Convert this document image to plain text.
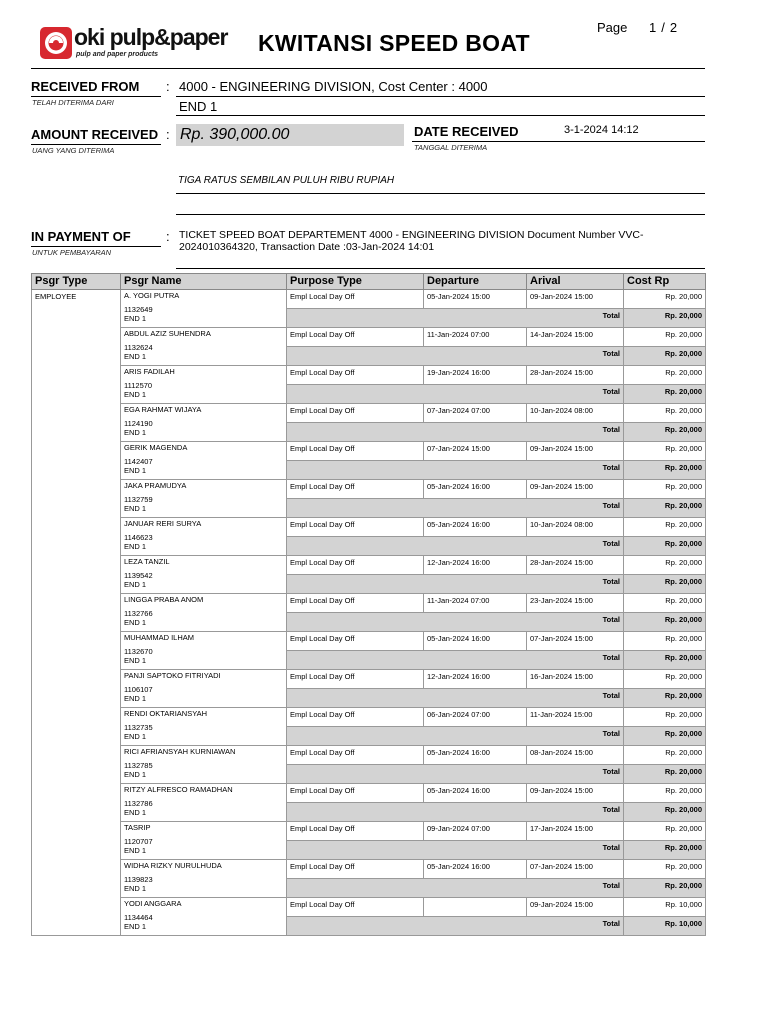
oki pulp&paper
pulp and paper products	KWITANSI SPEED BOAT
Page 1 / 2
RECEIVED FROM
TELAH DITERIMA DARI
: 4000 - ENGINEERING DIVISION, Cost Center : 4000
END 1
AMOUNT RECEIVED
UANG YANG DITERIMA
: Rp. 390,000.00	DATE RECEIVED
TANGGAL DITERIMA
3-1-2024 14:12
TIGA RATUS SEMBILAN PULUH RIBU RUPIAH
IN PAYMENT OF
UNTUK PEMBAYARAN
: TICKET SPEED BOAT DEPARTEMENT 4000 - ENGINEERING DIVISION Document Number VVC-2024010364320, Transaction Date :03-Jan-2024 14:01
Psgr Type	Psgr Name	Purpose Type	Departure	Arival	Cost Rp
EMPLOYEE	A. YOGI PUTRA
1132649
END 1	Empl Local Day Off	05-Jan-2024 15:00	09-Jan-2024 15:00	Rp. 20,000
		Total			Rp. 20,000

	ABDUL AZIZ SUHENDRA
1132624
END 1	Empl Local Day Off	11-Jan-2024 07:00	14-Jan-2024 15:00	Rp. 20,000
		Total			Rp. 20,000

	ARIS FADILAH
1112570
END 1	Empl Local Day Off	19-Jan-2024 16:00	28-Jan-2024 15:00	Rp. 20,000
		Total			Rp. 20,000

	EGA RAHMAT WIJAYA
1124190
END 1	Empl Local Day Off	07-Jan-2024 07:00	10-Jan-2024 08:00	Rp. 20,000
		Total			Rp. 20,000

	GERIK MAGENDA
1142407
END 1	Empl Local Day Off	07-Jan-2024 15:00	09-Jan-2024 15:00	Rp. 20,000
		Total			Rp. 20,000

	JAKA PRAMUDYA
1132759
END 1	Empl Local Day Off	05-Jan-2024 16:00	09-Jan-2024 15:00	Rp. 20,000
		Total			Rp. 20,000

	JANUAR RERI SURYA
1146623
END 1	Empl Local Day Off	05-Jan-2024 16:00	10-Jan-2024 08:00	Rp. 20,000
		Total			Rp. 20,000

	LEZA TANZIL
1139542
END 1	Empl Local Day Off	12-Jan-2024 16:00	28-Jan-2024 15:00	Rp. 20,000
		Total			Rp. 20,000

	LINGGA PRABA ANOM
1132766
END 1	Empl Local Day Off	11-Jan-2024 07:00	23-Jan-2024 15:00	Rp. 20,000
		Total			Rp. 20,000

	MUHAMMAD ILHAM
1132670
END 1	Empl Local Day Off	05-Jan-2024 16:00	07-Jan-2024 15:00	Rp. 20,000
		Total			Rp. 20,000

	PANJI SAPTOKO FITRIYADI
1106107
END 1	Empl Local Day Off	12-Jan-2024 16:00	16-Jan-2024 15:00	Rp. 20,000
		Total			Rp. 20,000

	RENDI OKTARIANSYAH
1132735
END 1	Empl Local Day Off	06-Jan-2024 07:00	11-Jan-2024 15:00	Rp. 20,000
		Total			Rp. 20,000

	RICI AFRIANSYAH KURNIAWAN
1132785
END 1	Empl Local Day Off	05-Jan-2024 16:00	08-Jan-2024 15:00	Rp. 20,000
		Total			Rp. 20,000

	RITZY ALFRESCO RAMADHAN
1132786
END 1	Empl Local Day Off	05-Jan-2024 16:00	09-Jan-2024 15:00	Rp. 20,000
		Total			Rp. 20,000

	TASRIP
1120707
END 1	Empl Local Day Off	09-Jan-2024 07:00	17-Jan-2024 15:00	Rp. 20,000
		Total			Rp. 20,000

	WIDHA RIZKY NURULHUDA
1139823
END 1	Empl Local Day Off	05-Jan-2024 16:00	07-Jan-2024 15:00	Rp. 20,000
		Total			Rp. 20,000

	YODI ANGGARA
1134464
END 1	Empl Local Day Off		09-Jan-2024 15:00	Rp. 10,000
		Total			Rp. 10,000
